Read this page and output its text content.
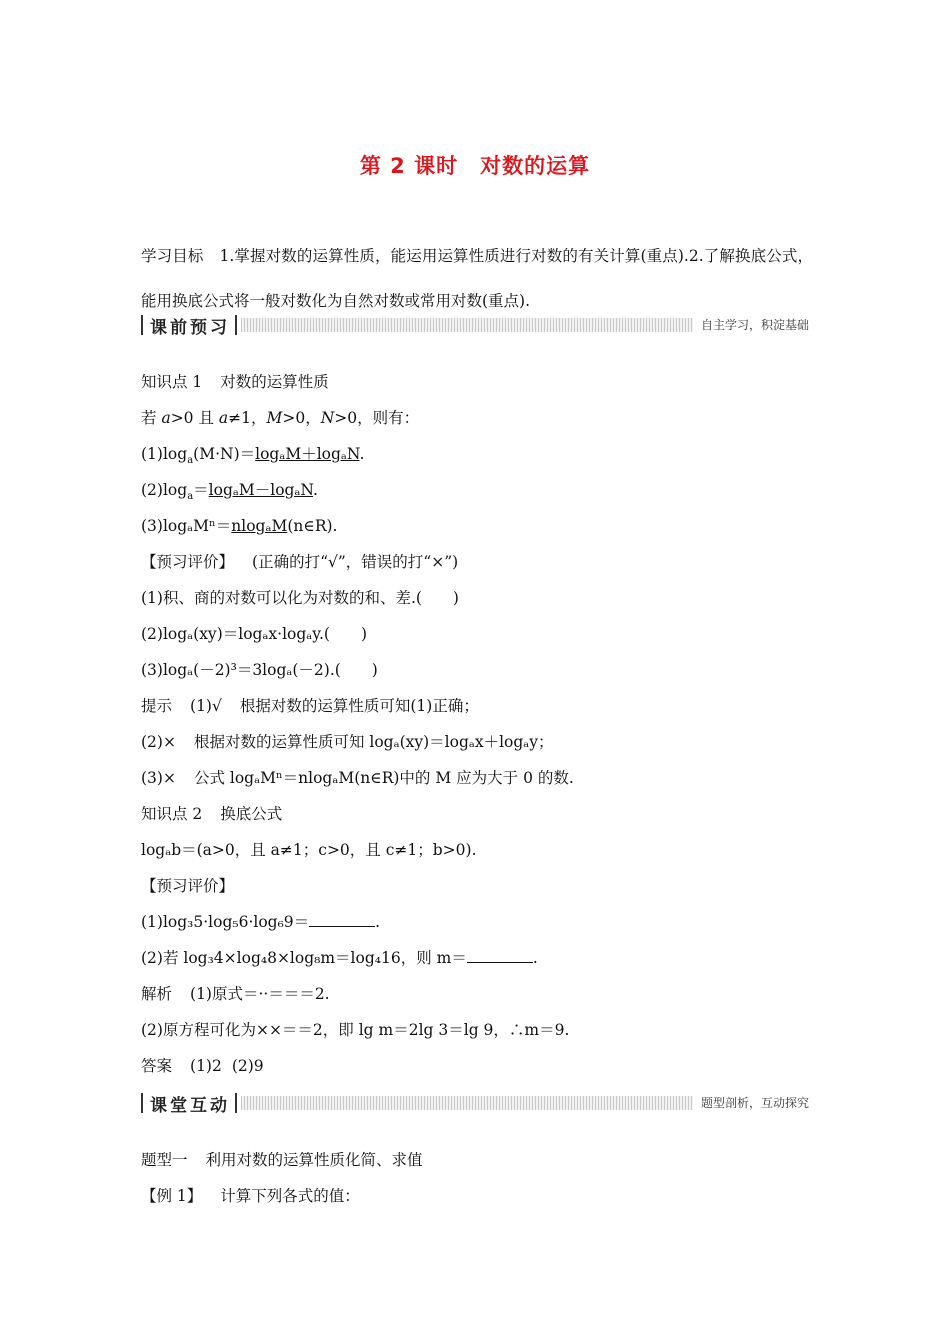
第 2 课时　对数的运算
学习目标 1.掌握对数的运算性质，能运用运算性质进行对数的有关计算(重点).2.了解换底公式，能用换底公式将一般对数化为自然对数或常用对数(重点).
课前预习	自主学习，积淀基础
知识点 1 对数的运算性质
若 a>0 且 a≠1，M>0，N>0，则有：
$(1)\log_a(M\cdot N)=\log_aM+\log_aN$.
$(2)\log_a=\log_aM-\log_aN$.
(3)logₐMⁿ＝nlogₐM(n∈R).
【预习评价】 (正确的打“√”，错误的打“×”)
(1)积、商的对数可以化为对数的和、差.(　　)
(2)logₐ(xy)＝logₐx·logₐy.(　　)
(3)logₐ(－2)³＝3logₐ(－2).(　　)
提示 (1)√ 根据对数的运算性质可知(1)正确；
(2)× 根据对数的运算性质可知 logₐ(xy)＝logₐx＋logₐy；
(3)× 公式 logₐMⁿ＝nlogₐM(n∈R)中的 M 应为大于 0 的数.
知识点 2 换底公式
logₐb＝(a>0，且 a≠1；c>0，且 c≠1；b>0).
【预习评价】
(1)log₃5·log₅6·log₆9＝	.
(2)若 log₃4×log₄8×log₈m＝log₄16，则 m＝	.
解析 (1)原式＝··＝＝＝2.
(2)原方程可化为××＝＝2，即 lg m＝2lg 3＝lg 9，∴m＝9.
答案 (1)2 (2)9
课堂互动	题型剖析，互动探究
题型一 利用对数的运算性质化简、求值
【例 1】 计算下列各式的值：
